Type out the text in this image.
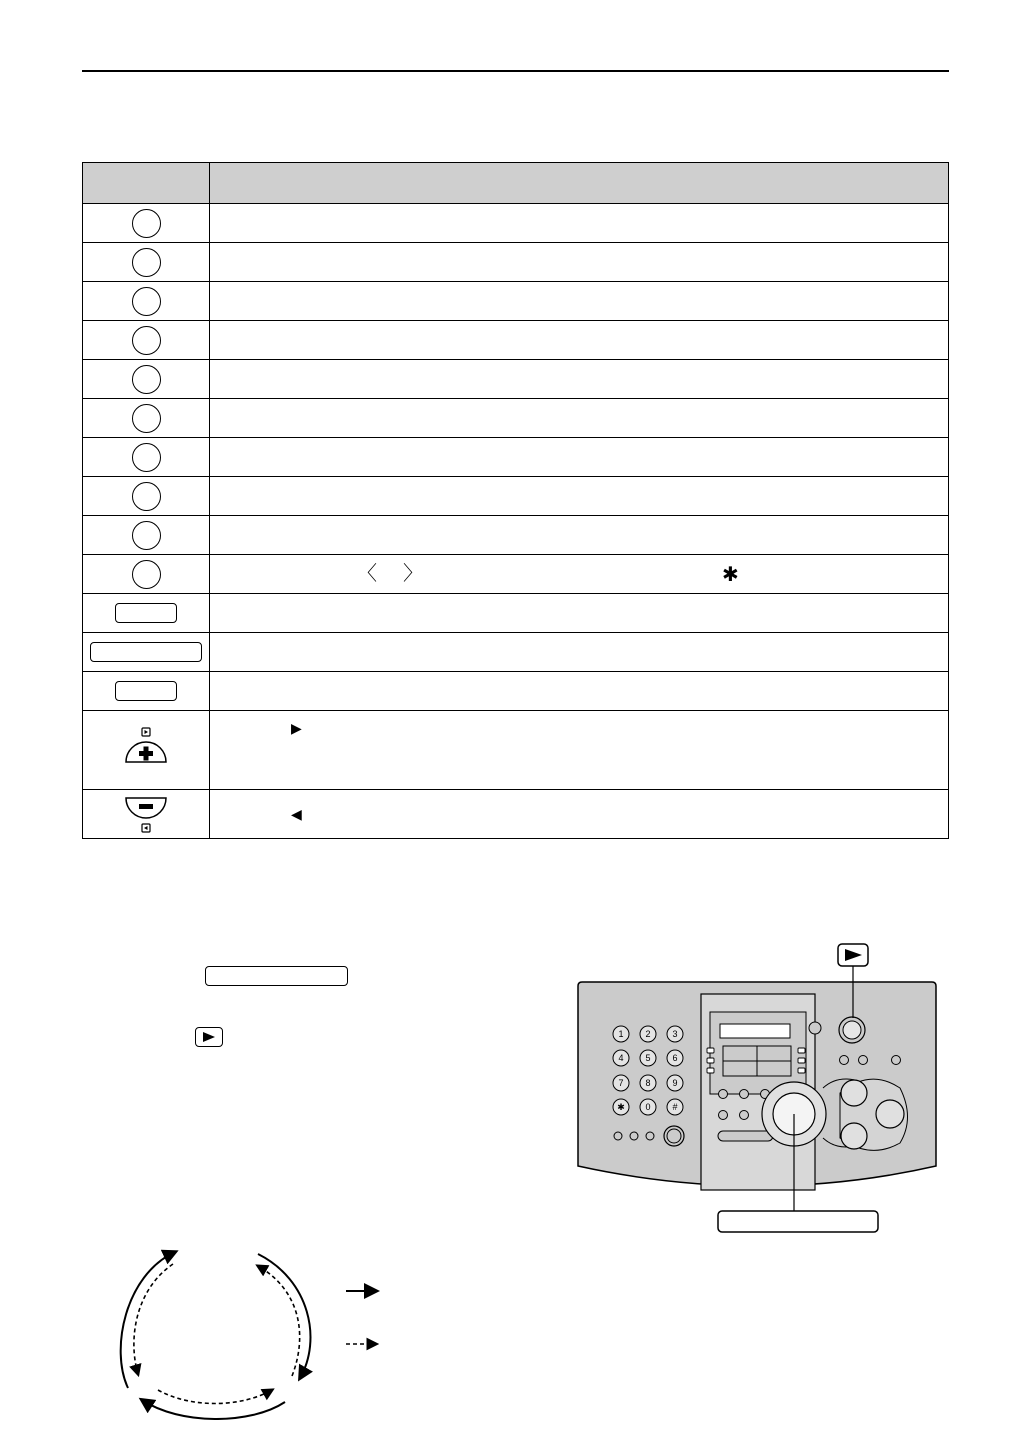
	〈 〉 ✱

▶

◀
1 2 3
4 5 6
7 8 9
✱ 0 #
